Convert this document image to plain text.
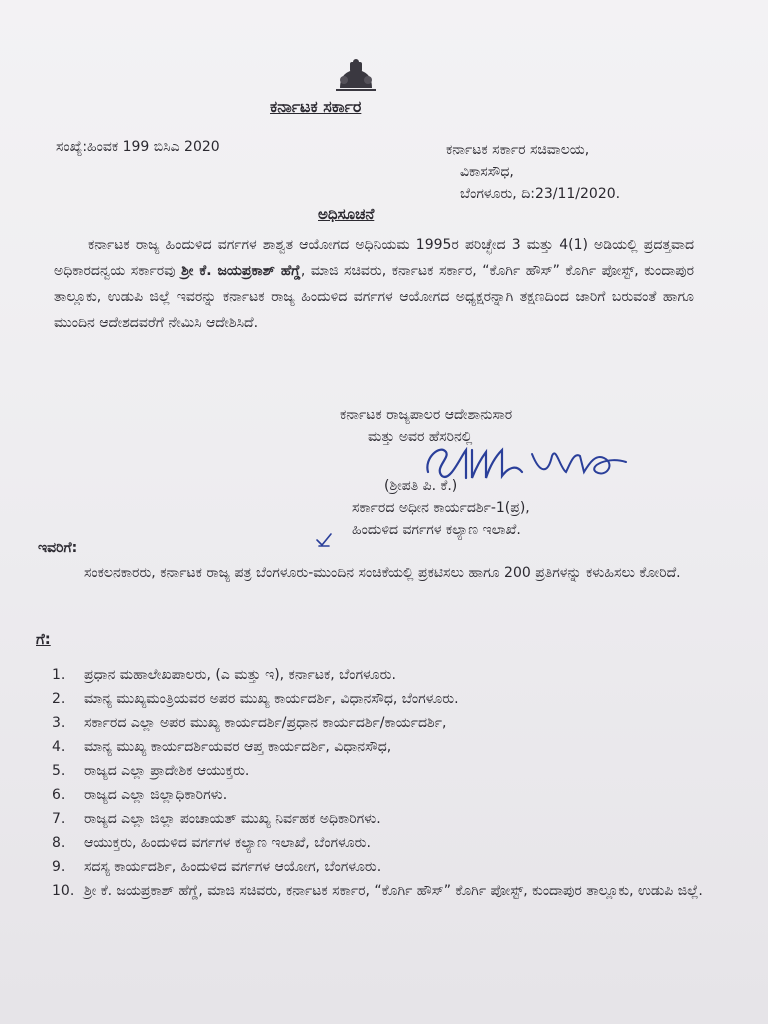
ಕರ್ನಾಟಕ ಸರ್ಕಾರ
ಸಂಖ್ಯೆ:ಹಿಂವಕ 199 ಬಿಸಿಎ 2020	ಕರ್ನಾಟಕ ಸರ್ಕಾರ ಸಚಿವಾಲಯ,
ವಿಕಾಸಸೌಧ,
ಬೆಂಗಳೂರು, ದಿ:23/11/2020.
ಅಧಿಸೂಚನೆ
ಕರ್ನಾಟಕ ರಾಜ್ಯ ಹಿಂದುಳಿದ ವರ್ಗಗಳ ಶಾಶ್ವತ ಆಯೋಗದ ಅಧಿನಿಯಮ 1995ರ ಪರಿಚ್ಛೇದ 3 ಮತ್ತು 4(1) ಅಡಿಯಲ್ಲಿ ಪ್ರದತ್ತವಾದ ಅಧಿಕಾರದನ್ವಯ ಸರ್ಕಾರವು ಶ್ರೀ ಕೆ. ಜಯಪ್ರಕಾಶ್ ಹೆಗ್ಡೆ, ಮಾಜಿ ಸಚಿವರು, ಕರ್ನಾಟಕ ಸರ್ಕಾರ, “ಕೊರ್ಗಿ ಹೌಸ್” ಕೊರ್ಗಿ ಪೋಸ್ಟ್, ಕುಂದಾಪುರ ತಾಲ್ಲೂಕು, ಉಡುಪಿ ಜಿಲ್ಲೆ ಇವರನ್ನು ಕರ್ನಾಟಕ ರಾಜ್ಯ ಹಿಂದುಳಿದ ವರ್ಗಗಳ ಆಯೋಗದ ಅಧ್ಯಕ್ಷರನ್ನಾಗಿ ತಕ್ಷಣದಿಂದ ಜಾರಿಗೆ ಬರುವಂತೆ ಹಾಗೂ ಮುಂದಿನ ಆದೇಶದವರೆಗೆ ನೇಮಿಸಿ ಆದೇಶಿಸಿದೆ.
ಕರ್ನಾಟಕ ರಾಜ್ಯಪಾಲರ ಆದೇಶಾನುಸಾರ
ಮತ್ತು ಅವರ ಹೆಸರಿನಲ್ಲಿ
(ಶ್ರೀಪತಿ ಪಿ. ಕೆ.)
ಸರ್ಕಾರದ ಅಧೀನ ಕಾರ್ಯದರ್ಶಿ-1(ಪ್ರ),
ಹಿಂದುಳಿದ ವರ್ಗಗಳ ಕಲ್ಯಾಣ ಇಲಾಖೆ.
ಇವರಿಗೆ:
ಸಂಕಲನಕಾರರು, ಕರ್ನಾಟಕ ರಾಜ್ಯ ಪತ್ರ ಬೆಂಗಳೂರು-ಮುಂದಿನ ಸಂಚಿಕೆಯಲ್ಲಿ ಪ್ರಕಟಿಸಲು ಹಾಗೂ 200 ಪ್ರತಿಗಳನ್ನು ಕಳುಹಿಸಲು ಕೋರಿದೆ.
ಗೆ:
1.	ಪ್ರಧಾನ ಮಹಾಲೇಖಪಾಲರು, (ಎ ಮತ್ತು ಇ), ಕರ್ನಾಟಕ, ಬೆಂಗಳೂರು.
2.	ಮಾನ್ಯ ಮುಖ್ಯಮಂತ್ರಿಯವರ ಅಪರ ಮುಖ್ಯ ಕಾರ್ಯದರ್ಶಿ, ವಿಧಾನಸೌಧ, ಬೆಂಗಳೂರು.
3.	ಸರ್ಕಾರದ ಎಲ್ಲಾ ಅಪರ ಮುಖ್ಯ ಕಾರ್ಯದರ್ಶಿ/ಪ್ರಧಾನ ಕಾರ್ಯದರ್ಶಿ/ಕಾರ್ಯದರ್ಶಿ,
4.	ಮಾನ್ಯ ಮುಖ್ಯ ಕಾರ್ಯದರ್ಶಿಯವರ ಆಪ್ತ ಕಾರ್ಯದರ್ಶಿ, ವಿಧಾನಸೌಧ,
5.	ರಾಜ್ಯದ ಎಲ್ಲಾ ಪ್ರಾದೇಶಿಕ ಆಯುಕ್ತರು.
6.	ರಾಜ್ಯದ ಎಲ್ಲಾ ಜಿಲ್ಲಾಧಿಕಾರಿಗಳು.
7.	ರಾಜ್ಯದ ಎಲ್ಲಾ ಜಿಲ್ಲಾ ಪಂಚಾಯತ್ ಮುಖ್ಯ ನಿರ್ವಹಕ ಅಧಿಕಾರಿಗಳು.
8.	ಆಯುಕ್ತರು, ಹಿಂದುಳಿದ ವರ್ಗಗಳ ಕಲ್ಯಾಣ ಇಲಾಖೆ, ಬೆಂಗಳೂರು.
9.	ಸದಸ್ಯ ಕಾರ್ಯದರ್ಶಿ, ಹಿಂದುಳಿದ ವರ್ಗಗಳ ಆಯೋಗ, ಬೆಂಗಳೂರು.
10. ಶ್ರೀ ಕೆ. ಜಯಪ್ರಕಾಶ್ ಹೆಗ್ಡೆ, ಮಾಜಿ ಸಚಿವರು, ಕರ್ನಾಟಕ ಸರ್ಕಾರ, “ಕೊರ್ಗಿ ಹೌಸ್” ಕೊರ್ಗಿ ಪೋಸ್ಟ್, ಕುಂದಾಪುರ ತಾಲ್ಲೂಕು, ಉಡುಪಿ ಜಿಲ್ಲೆ.
